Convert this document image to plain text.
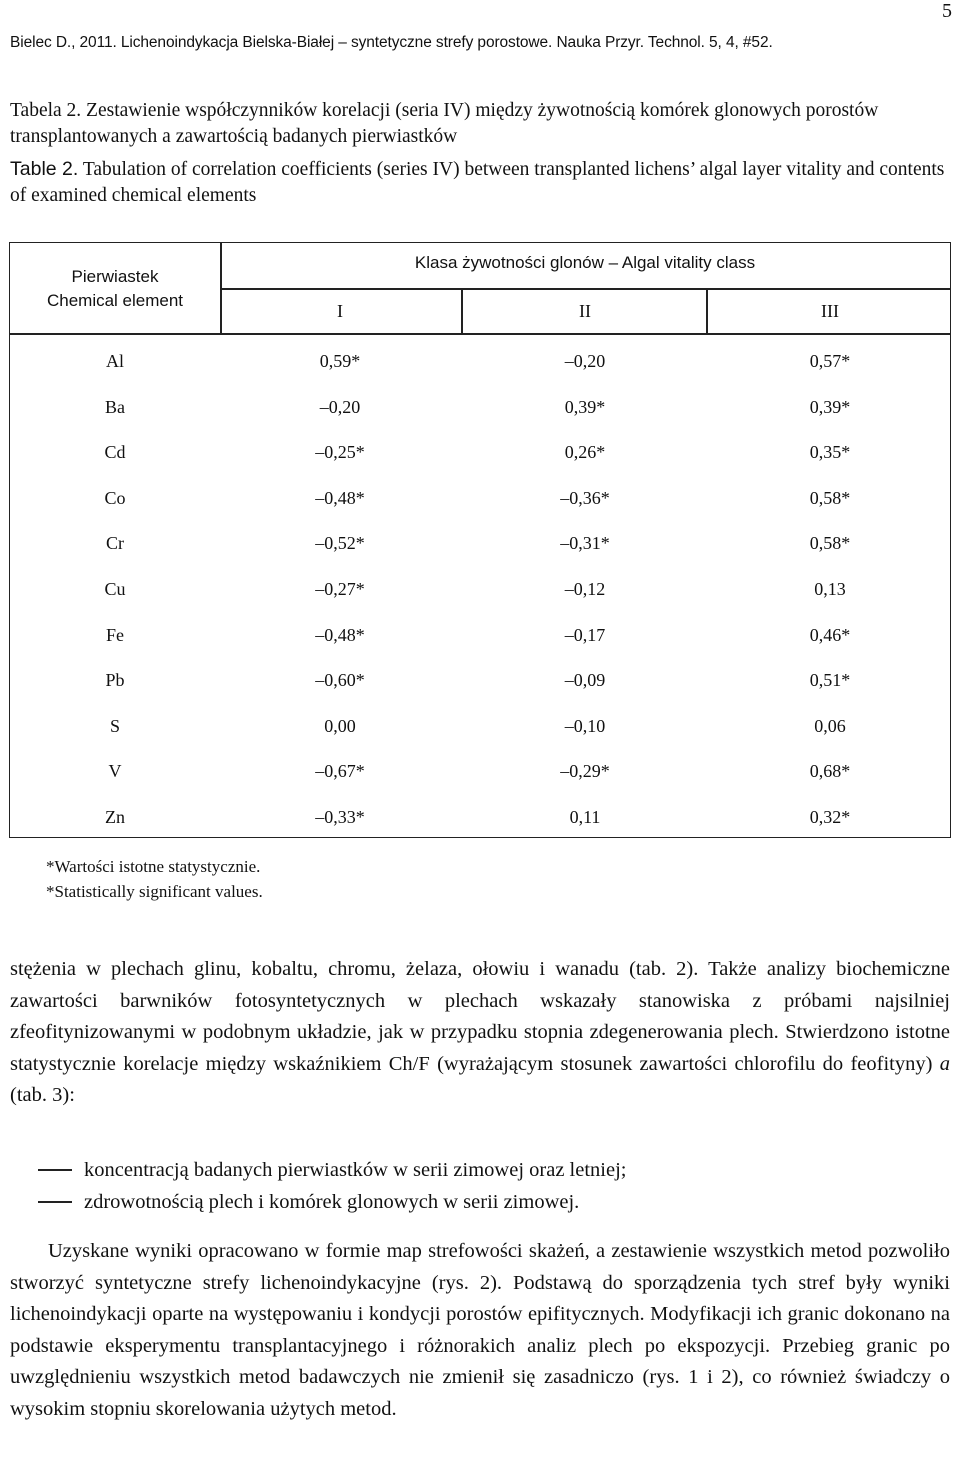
5
Bielec D., 2011. Lichenoindykacja Bielska-Białej – syntetyczne strefy porostowe. Nauka Przyr. Technol. 5, 4, #52.
Tabela 2. Zestawienie współczynników korelacji (seria IV) między żywotnością komórek glonowych porostów transplantowanych a zawartością badanych pierwiastków
Table 2. Tabulation of correlation coefficients (series IV) between transplanted lichens’ algal layer vitality and contents of examined chemical elements
Pierwiastek
Chemical element
Klasa żywotności glonów – Algal vitality class
I	II	III
Al	0,59*	–0,20	0,57*
Ba	–0,20	0,39*	0,39*
Cd	–0,25*	0,26*	0,35*
Co	–0,48*	–0,36*	0,58*
Cr	–0,52*	–0,31*	0,58*
Cu	–0,27*	–0,12	0,13
Fe	–0,48*	–0,17	0,46*
Pb	–0,60*	–0,09	0,51*
S	0,00	–0,10	0,06
V	–0,67*	–0,29*	0,68*
Zn	–0,33*	0,11	0,32*
*Wartości istotne statystycznie.
*Statistically significant values.
stężenia w plechach glinu, kobaltu, chromu, żelaza, ołowiu i wanadu (tab. 2). Także analizy biochemiczne zawartości barwników fotosyntetycznych w plechach wskazały stanowiska z próbami najsilniej zfeofitynizowanymi w podobnym układzie, jak w przypadku stopnia zdegenerowania plech. Stwierdzono istotne statystycznie korelacje między wskaźnikiem Ch/F (wyrażającym stosunek zawartości chlorofilu do feofityny) a (tab. 3):
koncentracją badanych pierwiastków w serii zimowej oraz letniej;
zdrowotnością plech i komórek glonowych w serii zimowej.
Uzyskane wyniki opracowano w formie map strefowości skażeń, a zestawienie wszystkich metod pozwoliło stworzyć syntetyczne strefy lichenoindykacyjne (rys. 2). Podstawą do sporządzenia tych stref były wyniki lichenoindykacji oparte na występowaniu i kondycji porostów epifitycznych. Modyfikacji ich granic dokonano na podstawie eksperymentu transplantacyjnego i różnorakich analiz plech po ekspozycji. Przebieg granic po uwzględnieniu wszystkich metod badawczych nie zmienił się zasadniczo (rys. 1 i 2), co również świadczy o wysokim stopniu skorelowania użytych metod.
